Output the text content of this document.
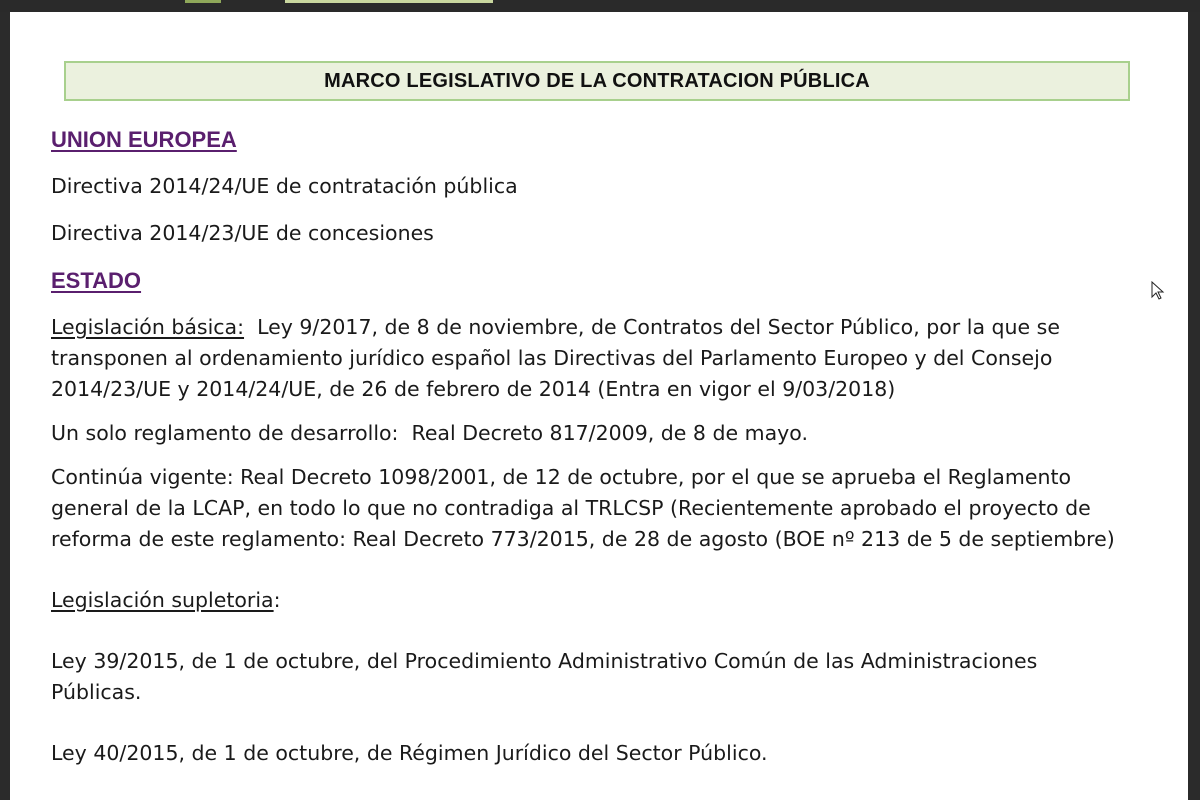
MARCO LEGISLATIVO DE LA CONTRATACION PÚBLICA
UNION EUROPEA
Directiva 2014/24/UE de contratación pública
Directiva 2014/23/UE de concesiones
ESTADO
Legislación básica:  Ley 9/2017, de 8 de noviembre, de Contratos del Sector Público, por la que se
transponen al ordenamiento jurídico español las Directivas del Parlamento Europeo y del Consejo
2014/23/UE y 2014/24/UE, de 26 de febrero de 2014 (Entra en vigor el 9/03/2018)
Un solo reglamento de desarrollo:  Real Decreto 817/2009, de 8 de mayo.
Continúa vigente: Real Decreto 1098/2001, de 12 de octubre, por el que se aprueba el Reglamento
general de la LCAP, en todo lo que no contradiga al TRLCSP (Recientemente aprobado el proyecto de
reforma de este reglamento: Real Decreto 773/2015, de 28 de agosto (BOE nº 213 de 5 de septiembre)
Legislación supletoria:
Ley 39/2015, de 1 de octubre, del Procedimiento Administrativo Común de las Administraciones
Públicas.
Ley 40/2015, de 1 de octubre, de Régimen Jurídico del Sector Público.
